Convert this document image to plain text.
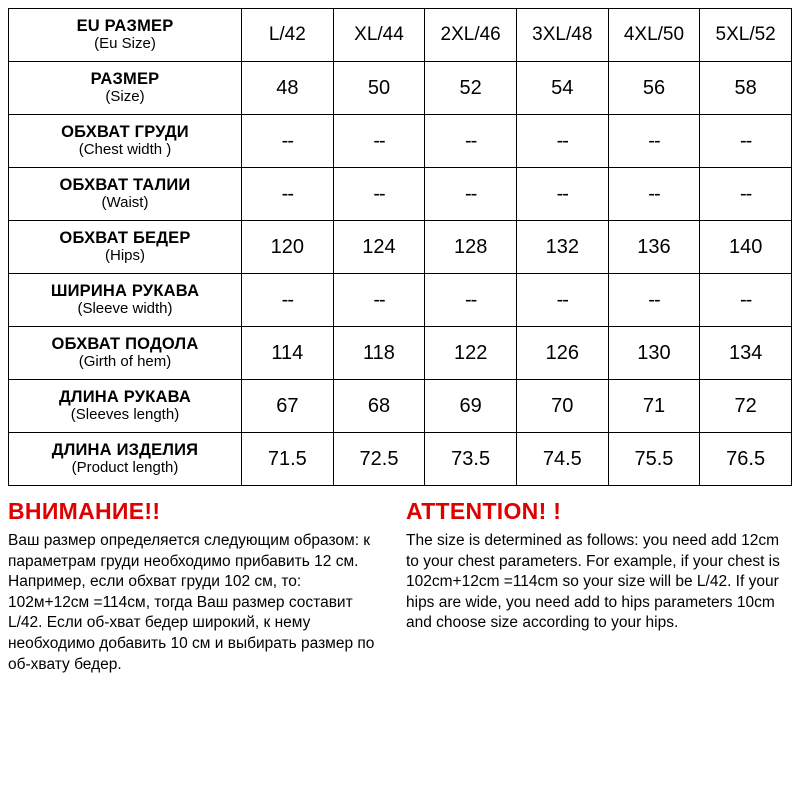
EU РАЗМЕР
(Eu Size)	L/42	XL/44	2XL/46	3XL/48	4XL/50	5XL/52

РАЗМЕР
(Size)	48	50	52	54	56	58

ОБХВАТ ГРУДИ
(Chest width )	--	--	--	--	--	--

ОБХВАТ ТАЛИИ
(Waist)	--	--	--	--	--	--

ОБХВАТ БЕДЕР
(Hips)	120	124	128	132	136	140

ШИРИНА РУКАВА
(Sleeve width)	--	--	--	--	--	--

ОБХВАТ ПОДОЛА
(Girth of hem)	114	118	122	126	130	134

ДЛИНА РУКАВА
(Sleeves length)	67	68	69	70	71	72

ДЛИНА ИЗДЕЛИЯ
(Product length)	71.5	72.5	73.5	74.5	75.5	76.5

ВНИМАНИЕ!!

Ваш размер определяется следующим образом: к параметрам груди необходимо прибавить 12 см. Например, если обхват груди 102 см, то: 102м+12см =114см, тогда Ваш размер составит L/42. Если об-хват бедер широкий, к нему необходимо добавить 10 см и выбирать размер по об-хвату бедер.

ATTENTION! !

The size is determined as follows: you need add 12cm to your chest parameters. For example, if your chest is 102cm+12cm =114cm so your size will be L/42. If your hips are wide, you need add to hips parameters 10cm and choose size according to your hips.
